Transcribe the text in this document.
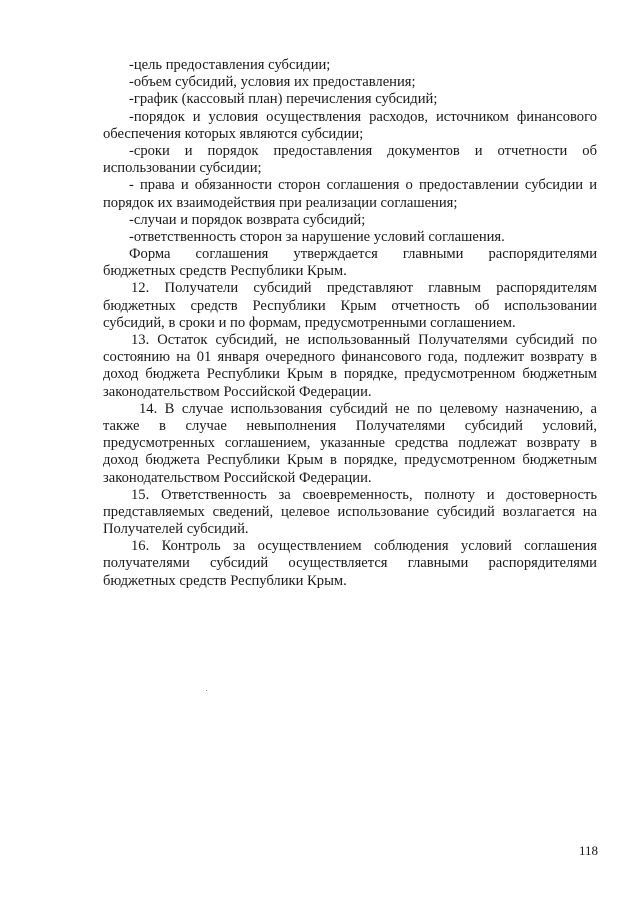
-цель предоставления субсидии;
-объем субсидий, условия их предоставления;
-график (кассовый план) перечисления субсидий;
-порядок и условия осуществления расходов, источником финансового
обеспечения которых являются субсидии;
-сроки и порядок предоставления документов и отчетности об
использовании субсидии;
- права и обязанности сторон соглашения о предоставлении субсидии и
порядок их взаимодействия при реализации соглашения;
-случаи и порядок возврата субсидий;
-ответственность сторон за нарушение условий соглашения.
Форма соглашения утверждается главными распорядителями
бюджетных средств Республики Крым.
12. Получатели субсидий представляют главным распорядителям
бюджетных средств Республики Крым отчетность об использовании
субсидий, в сроки и по формам, предусмотренными соглашением.
13. Остаток субсидий, не использованный Получателями субсидий по
состоянию на 01 января очередного финансового года, подлежит возврату в
доход бюджета Республики Крым в порядке, предусмотренном бюджетным
законодательством Российской Федерации.
14. В случае использования субсидий не по целевому назначению, а
также в случае невыполнения Получателями субсидий условий,
предусмотренных соглашением, указанные средства подлежат возврату в
доход бюджета Республики Крым в порядке, предусмотренном бюджетным
законодательством Российской Федерации.
15. Ответственность за своевременность, полноту и достоверность
представляемых сведений, целевое использование субсидий возлагается на
Получателей субсидий.
16. Контроль за осуществлением соблюдения условий соглашения
получателями субсидий осуществляется главными распорядителями
бюджетных средств Республики Крым.
118
